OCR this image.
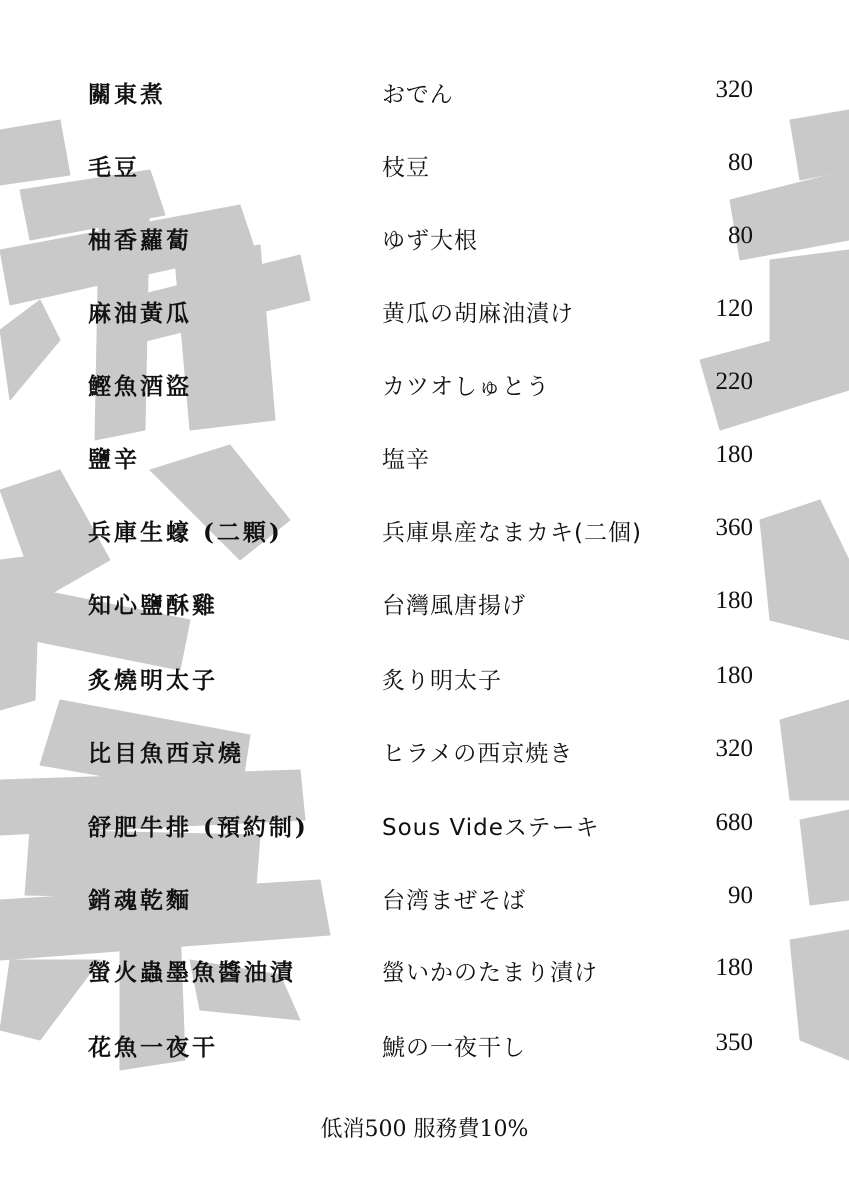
關東煮	おでん	320
毛豆	枝豆	80
柚香蘿蔔	ゆず大根	80
麻油黃瓜	黄瓜の胡麻油漬け	120
鰹魚酒盜	カツオしゅとう	220
鹽辛	塩辛	180
兵庫生蠔 (二顆)	兵庫県産なまカキ(二個)	360
知心鹽酥雞	台灣風唐揚げ	180
炙燒明太子	炙り明太子	180
比目魚西京燒	ヒラメの西京焼き	320
舒肥牛排 (預約制)	Sous Videステーキ	680
銷魂乾麵	台湾まぜそば	90
螢火蟲墨魚醬油漬	螢いかのたまり漬け	180
花魚一夜干	鯱の一夜干し	350
低消500 服務費10%
